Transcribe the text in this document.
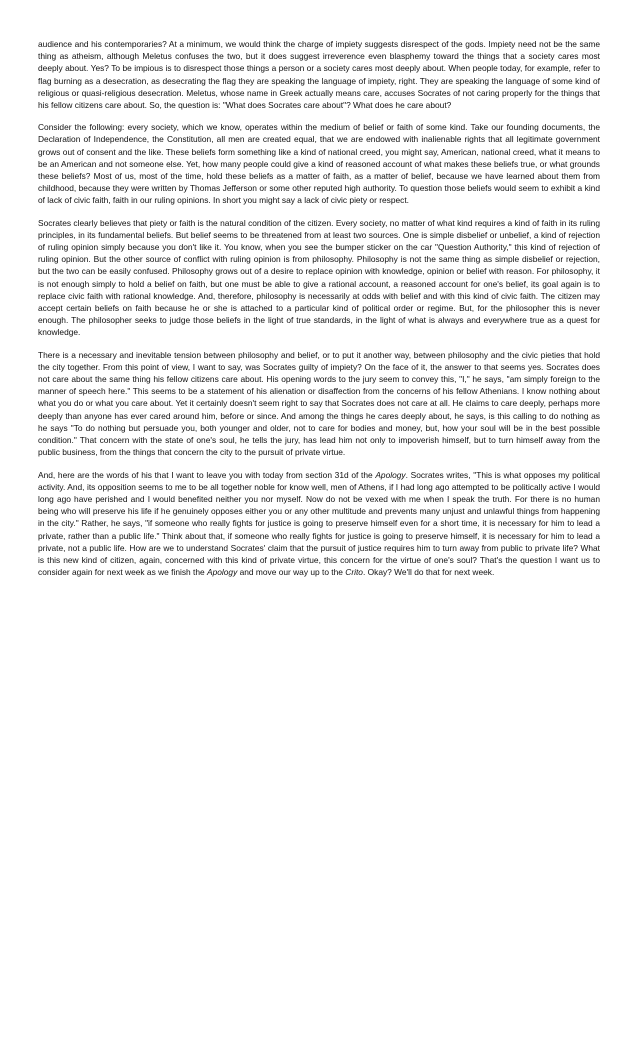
audience and his contemporaries? At a minimum, we would think the charge of impiety suggests disrespect of the gods. Impiety need not be the same thing as atheism, although Meletus confuses the two, but it does suggest irreverence even blasphemy toward the things that a society cares most deeply about. Yes? To be impious is to disrespect those things a person or a society cares most deeply about. When people today, for example, refer to flag burning as a desecration, as desecrating the flag they are speaking the language of impiety, right. They are speaking the language of some kind of religious or quasi-religious desecration. Meletus, whose name in Greek actually means care, accuses Socrates of not caring properly for the things that his fellow citizens care about. So, the question is: "What does Socrates care about"? What does he care about?

Consider the following: every society, which we know, operates within the medium of belief or faith of some kind. Take our founding documents, the Declaration of Independence, the Constitution, all men are created equal, that we are endowed with inalienable rights that all legitimate government grows out of consent and the like. These beliefs form something like a kind of national creed, you might say, American, national creed, what it means to be an American and not someone else. Yet, how many people could give a kind of reasoned account of what makes these beliefs true, or what grounds these beliefs? Most of us, most of the time, hold these beliefs as a matter of faith, as a matter of belief, because we have learned about them from childhood, because they were written by Thomas Jefferson or some other reputed high authority. To question those beliefs would seem to exhibit a kind of lack of civic faith, faith in our ruling opinions. In short you might say a lack of civic piety or respect.

Socrates clearly believes that piety or faith is the natural condition of the citizen. Every society, no matter of what kind requires a kind of faith in its ruling principles, in its fundamental beliefs. But belief seems to be threatened from at least two sources. One is simple disbelief or unbelief, a kind of rejection of ruling opinion simply because you don't like it. You know, when you see the bumper sticker on the car "Question Authority," this kind of rejection of ruling opinion. But the other source of conflict with ruling opinion is from philosophy. Philosophy is not the same thing as simple disbelief or rejection, but the two can be easily confused. Philosophy grows out of a desire to replace opinion with knowledge, opinion or belief with reason. For philosophy, it is not enough simply to hold a belief on faith, but one must be able to give a rational account, a reasoned account for one's belief, its goal again is to replace civic faith with rational knowledge. And, therefore, philosophy is necessarily at odds with belief and with this kind of civic faith. The citizen may accept certain beliefs on faith because he or she is attached to a particular kind of political order or regime. But, for the philosopher this is never enough. The philosopher seeks to judge those beliefs in the light of true standards, in the light of what is always and everywhere true as a quest for knowledge.

There is a necessary and inevitable tension between philosophy and belief, or to put it another way, between philosophy and the civic pieties that hold the city together. From this point of view, I want to say, was Socrates guilty of impiety? On the face of it, the answer to that seems yes. Socrates does not care about the same thing his fellow citizens care about. His opening words to the jury seem to convey this, "I," he says, "am simply foreign to the manner of speech here." This seems to be a statement of his alienation or disaffection from the concerns of his fellow Athenians. I know nothing about what you do or what you care about. Yet it certainly doesn't seem right to say that Socrates does not care at all. He claims to care deeply, perhaps more deeply than anyone has ever cared around him, before or since. And among the things he cares deeply about, he says, is this calling to do nothing as he says "To do nothing but persuade you, both younger and older, not to care for bodies and money, but, how your soul will be in the best possible condition." That concern with the state of one's soul, he tells the jury, has lead him not only to impoverish himself, but to turn himself away from the public business, from the things that concern the city to the pursuit of private virtue.

And, here are the words of his that I want to leave you with today from section 31d of the Apology. Socrates writes, "This is what opposes my political activity. And, its opposition seems to me to be all together noble for know well, men of Athens, if I had long ago attempted to be politically active I would long ago have perished and I would benefited neither you nor myself. Now do not be vexed with me when I speak the truth. For there is no human being who will preserve his life if he genuinely opposes either you or any other multitude and prevents many unjust and unlawful things from happening in the city." Rather, he says, "if someone who really fights for justice is going to preserve himself even for a short time, it is necessary for him to lead a private, rather than a public life." Think about that, if someone who really fights for justice is going to preserve himself, it is necessary for him to lead a private, not a public life. How are we to understand Socrates' claim that the pursuit of justice requires him to turn away from public to private life? What is this new kind of citizen, again, concerned with this kind of private virtue, this concern for the virtue of one's soul? That's the question I want us to consider again for next week as we finish the Apology and move our way up to the Crito. Okay? We'll do that for next week.
